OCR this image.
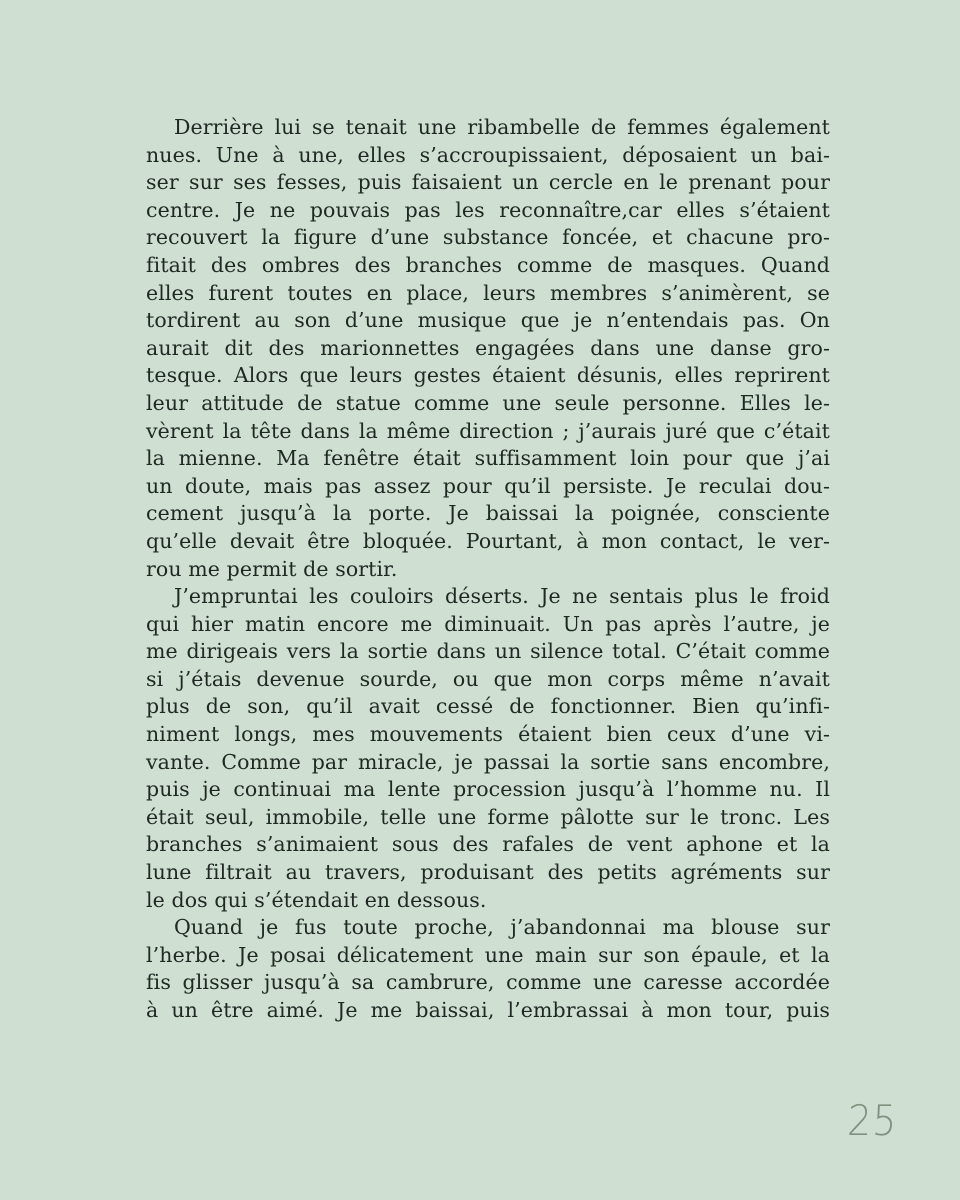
Derrière lui se tenait une ribambelle de femmes également
nues. Une à une, elles s’accroupissaient, déposaient un bai-
ser sur ses fesses, puis faisaient un cercle en le prenant pour
centre. Je ne pouvais pas les reconnaître,car elles s’étaient
recouvert la figure d’une substance foncée, et chacune pro-
fitait des ombres des branches comme de masques. Quand
elles furent toutes en place, leurs membres s’animèrent, se
tordirent au son d’une musique que je n’entendais pas. On
aurait dit des marionnettes engagées dans une danse gro-
tesque. Alors que leurs gestes étaient désunis, elles reprirent
leur attitude de statue comme une seule personne. Elles le-
vèrent la tête dans la même direction ; j’aurais juré que c’était
la mienne. Ma fenêtre était suffisamment loin pour que j’ai
un doute, mais pas assez pour qu’il persiste. Je reculai dou-
cement jusqu’à la porte. Je baissai la poignée, consciente
qu’elle devait être bloquée. Pourtant, à mon contact, le ver-
rou me permit de sortir.
J’empruntai les couloirs déserts. Je ne sentais plus le froid
qui hier matin encore me diminuait. Un pas après l’autre, je
me dirigeais vers la sortie dans un silence total. C’était comme
si j’étais devenue sourde, ou que mon corps même n’avait
plus de son, qu’il avait cessé de fonctionner. Bien qu’infi-
niment longs, mes mouvements étaient bien ceux d’une vi-
vante. Comme par miracle, je passai la sortie sans encombre,
puis je continuai ma lente procession jusqu’à l’homme nu. Il
était seul, immobile, telle une forme pâlotte sur le tronc. Les
branches s’animaient sous des rafales de vent aphone et la
lune filtrait au travers, produisant des petits agréments sur
le dos qui s’étendait en dessous.
Quand je fus toute proche, j’abandonnai ma blouse sur
l’herbe. Je posai délicatement une main sur son épaule, et la
fis glisser jusqu’à sa cambrure, comme une caresse accordée
à un être aimé. Je me baissai, l’embrassai à mon tour, puis
25
